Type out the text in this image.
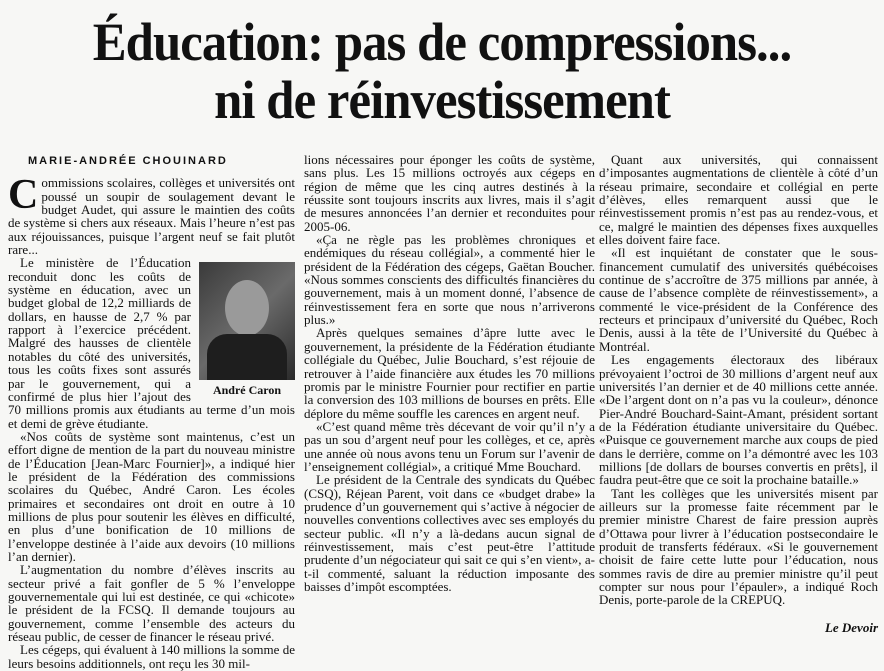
Éducation: pas de compressions...
ni de réinvestissement

MARIE-ANDRÉE CHOUINARD

Commissions scolaires, collèges et universités ont poussé un soupir de soulagement devant le budget Audet, qui assure le maintien des coûts de système si chers aux réseaux. Mais l’heure n’est pas aux réjouissances, puisque l’argent neuf se fait plutôt rare...

André Caron

Le ministère de l’Éducation reconduit donc les coûts de système en éducation, avec un budget global de 12,2 milliards de dollars, en hausse de 2,7 % par rapport à l’exercice précédent. Malgré des hausses de clientèle notables du côté des universités, tous les coûts fixes sont assurés par le gouvernement, qui a confirmé de plus hier l’ajout des 70 millions promis aux étudiants au terme d’un mois et demi de grève étudiante.

«Nos coûts de système sont maintenus, c’est un effort digne de mention de la part du nouveau ministre de l’Éducation [Jean-Marc Fournier]», a indiqué hier le président de la Fédération des commissions scolaires du Québec, André Caron. Les écoles primaires et secondaires ont droit en outre à 10 millions de plus pour soutenir les élèves en difficulté, en plus d’une bonification de 10 millions de l’enveloppe destinée à l’aide aux devoirs (10 millions l’an dernier).

L’augmentation du nombre d’élèves inscrits au secteur privé a fait gonfler de 5 % l’enveloppe gouvernementale qui lui est destinée, ce qui «chicote» le président de la FCSQ. Il demande toujours au gouvernement, comme l’ensemble des acteurs du réseau public, de cesser de financer le réseau privé.

Les cégeps, qui évaluent à 140 millions la somme de leurs besoins additionnels, ont reçu les 30 mil-

lions nécessaires pour éponger les coûts de système, sans plus. Les 15 millions octroyés aux cégeps en région de même que les cinq autres destinés à la réussite sont toujours inscrits aux livres, mais il s’agit de mesures annoncées l’an dernier et reconduites pour 2005-06.

«Ça ne règle pas les problèmes chroniques et endémiques du réseau collégial», a commenté hier le président de la Fédération des cégeps, Gaëtan Boucher. «Nous sommes conscients des difficultés financières du gouvernement, mais à un moment donné, l’absence de réinvestissement fera en sorte que nous n’arriverons plus.»

Après quelques semaines d’âpre lutte avec le gouvernement, la présidente de la Fédération étudiante collégiale du Québec, Julie Bouchard, s’est réjouie de retrouver à l’aide financière aux études les 70 millions promis par le ministre Fournier pour rectifier en partie la conversion des 103 millions de bourses en prêts. Elle déplore du même souffle les carences en argent neuf.

«C’est quand même très décevant de voir qu’il n’y a pas un sou d’argent neuf pour les collèges, et ce, après une année où nous avons tenu un Forum sur l’avenir de l’enseignement collégial», a critiqué Mme Bouchard.

Le président de la Centrale des syndicats du Québec (CSQ), Réjean Parent, voit dans ce «budget drabe» la prudence d’un gouvernement qui s’active à négocier de nouvelles conventions collectives avec ses employés du secteur public. «Il n’y a là-dedans aucun signal de réinvestissement, mais c’est peut-être l’attitude prudente d’un négociateur qui sait ce qui s’en vient», a-t-il commenté, saluant la réduction imposante des baisses d’impôt escomptées.

Quant aux universités, qui connaissent d’imposantes augmentations de clientèle à côté d’un réseau primaire, secondaire et collégial en perte d’élèves, elles remarquent aussi que le réinvestissement promis n’est pas au rendez-vous, et ce, malgré le maintien des dépenses fixes auxquelles elles doivent faire face.

«Il est inquiétant de constater que le sous-financement cumulatif des universités québécoises continue de s’accroître de 375 millions par année, à cause de l’absence complète de réinvestissement», a commenté le vice-président de la Conférence des recteurs et principaux d’université du Québec, Roch Denis, aussi à la tête de l’Université du Québec à Montréal.

Les engagements électoraux des libéraux prévoyaient l’octroi de 30 millions d’argent neuf aux universités l’an dernier et de 40 millions cette année. «De l’argent dont on n’a pas vu la couleur», dénonce Pier-André Bouchard-Saint-Amant, président sortant de la Fédération étudiante universitaire du Québec. «Puisque ce gouvernement marche aux coups de pied dans le derrière, comme on l’a démontré avec les 103 millions [de dollars de bourses convertis en prêts], il faudra peut-être que ce soit la prochaine bataille.»

Tant les collèges que les universités misent par ailleurs sur la promesse faite récemment par le premier ministre Charest de faire pression auprès d’Ottawa pour livrer à l’éducation postsecondaire le produit de transferts fédéraux. «Si le gouvernement choisit de faire cette lutte pour l’éducation, nous sommes ravis de dire au premier ministre qu’il peut compter sur nous pour l’épauler», a indiqué Roch Denis, porte-parole de la CREPUQ.

Le Devoir
